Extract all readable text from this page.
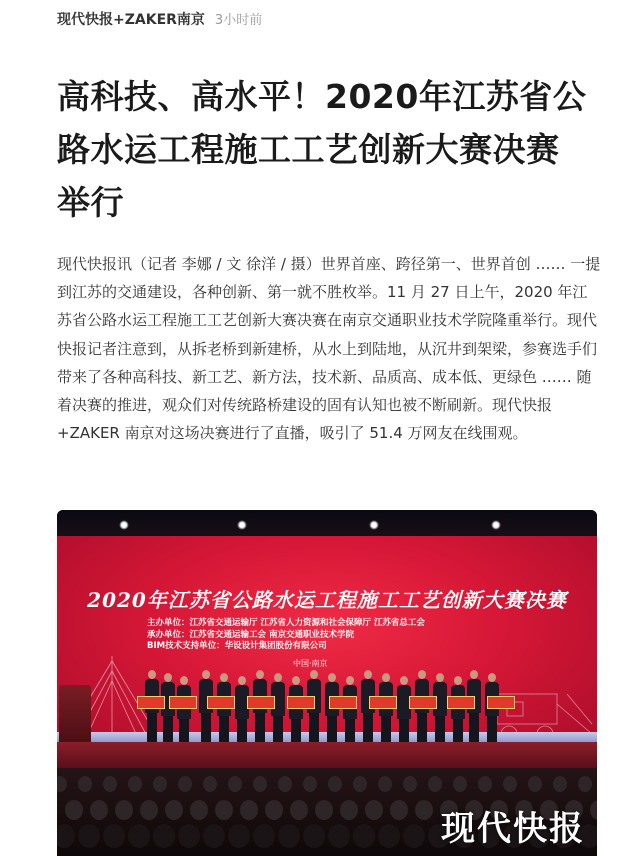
现代快报+ZAKER南京 3小时前
高科技、高水平！2020年江苏省公路水运工程施工工艺创新大赛决赛举行

现代快报讯（记者 李娜 / 文 徐洋 / 摄）世界首座、跨径第一、世界首创 …… 一提到江苏的交通建设，各种创新、第一就不胜枚举。11 月 27 日上午，2020 年江苏省公路水运工程施工工艺创新大赛决赛在南京交通职业技术学院隆重举行。现代快报记者注意到，从拆老桥到新建桥，从水上到陆地，从沉井到架梁，参赛选手们带来了各种高科技、新工艺、新方法，技术新、品质高、成本低、更绿色 …… 随着决赛的推进，观众们对传统路桥建设的固有认知也被不断刷新。现代快报 +ZAKER 南京对这场决赛进行了直播，吸引了 51.4 万网友在线围观。

2020年江苏省公路水运工程施工工艺创新大赛决赛
主办单位：江苏省交通运输厅 江苏省人力资源和社会保障厅 江苏省总工会
承办单位：江苏省交通运输工会 南京交通职业技术学院
BIM技术支持单位：华设设计集团股份有限公司
中国·南京
现代快报
